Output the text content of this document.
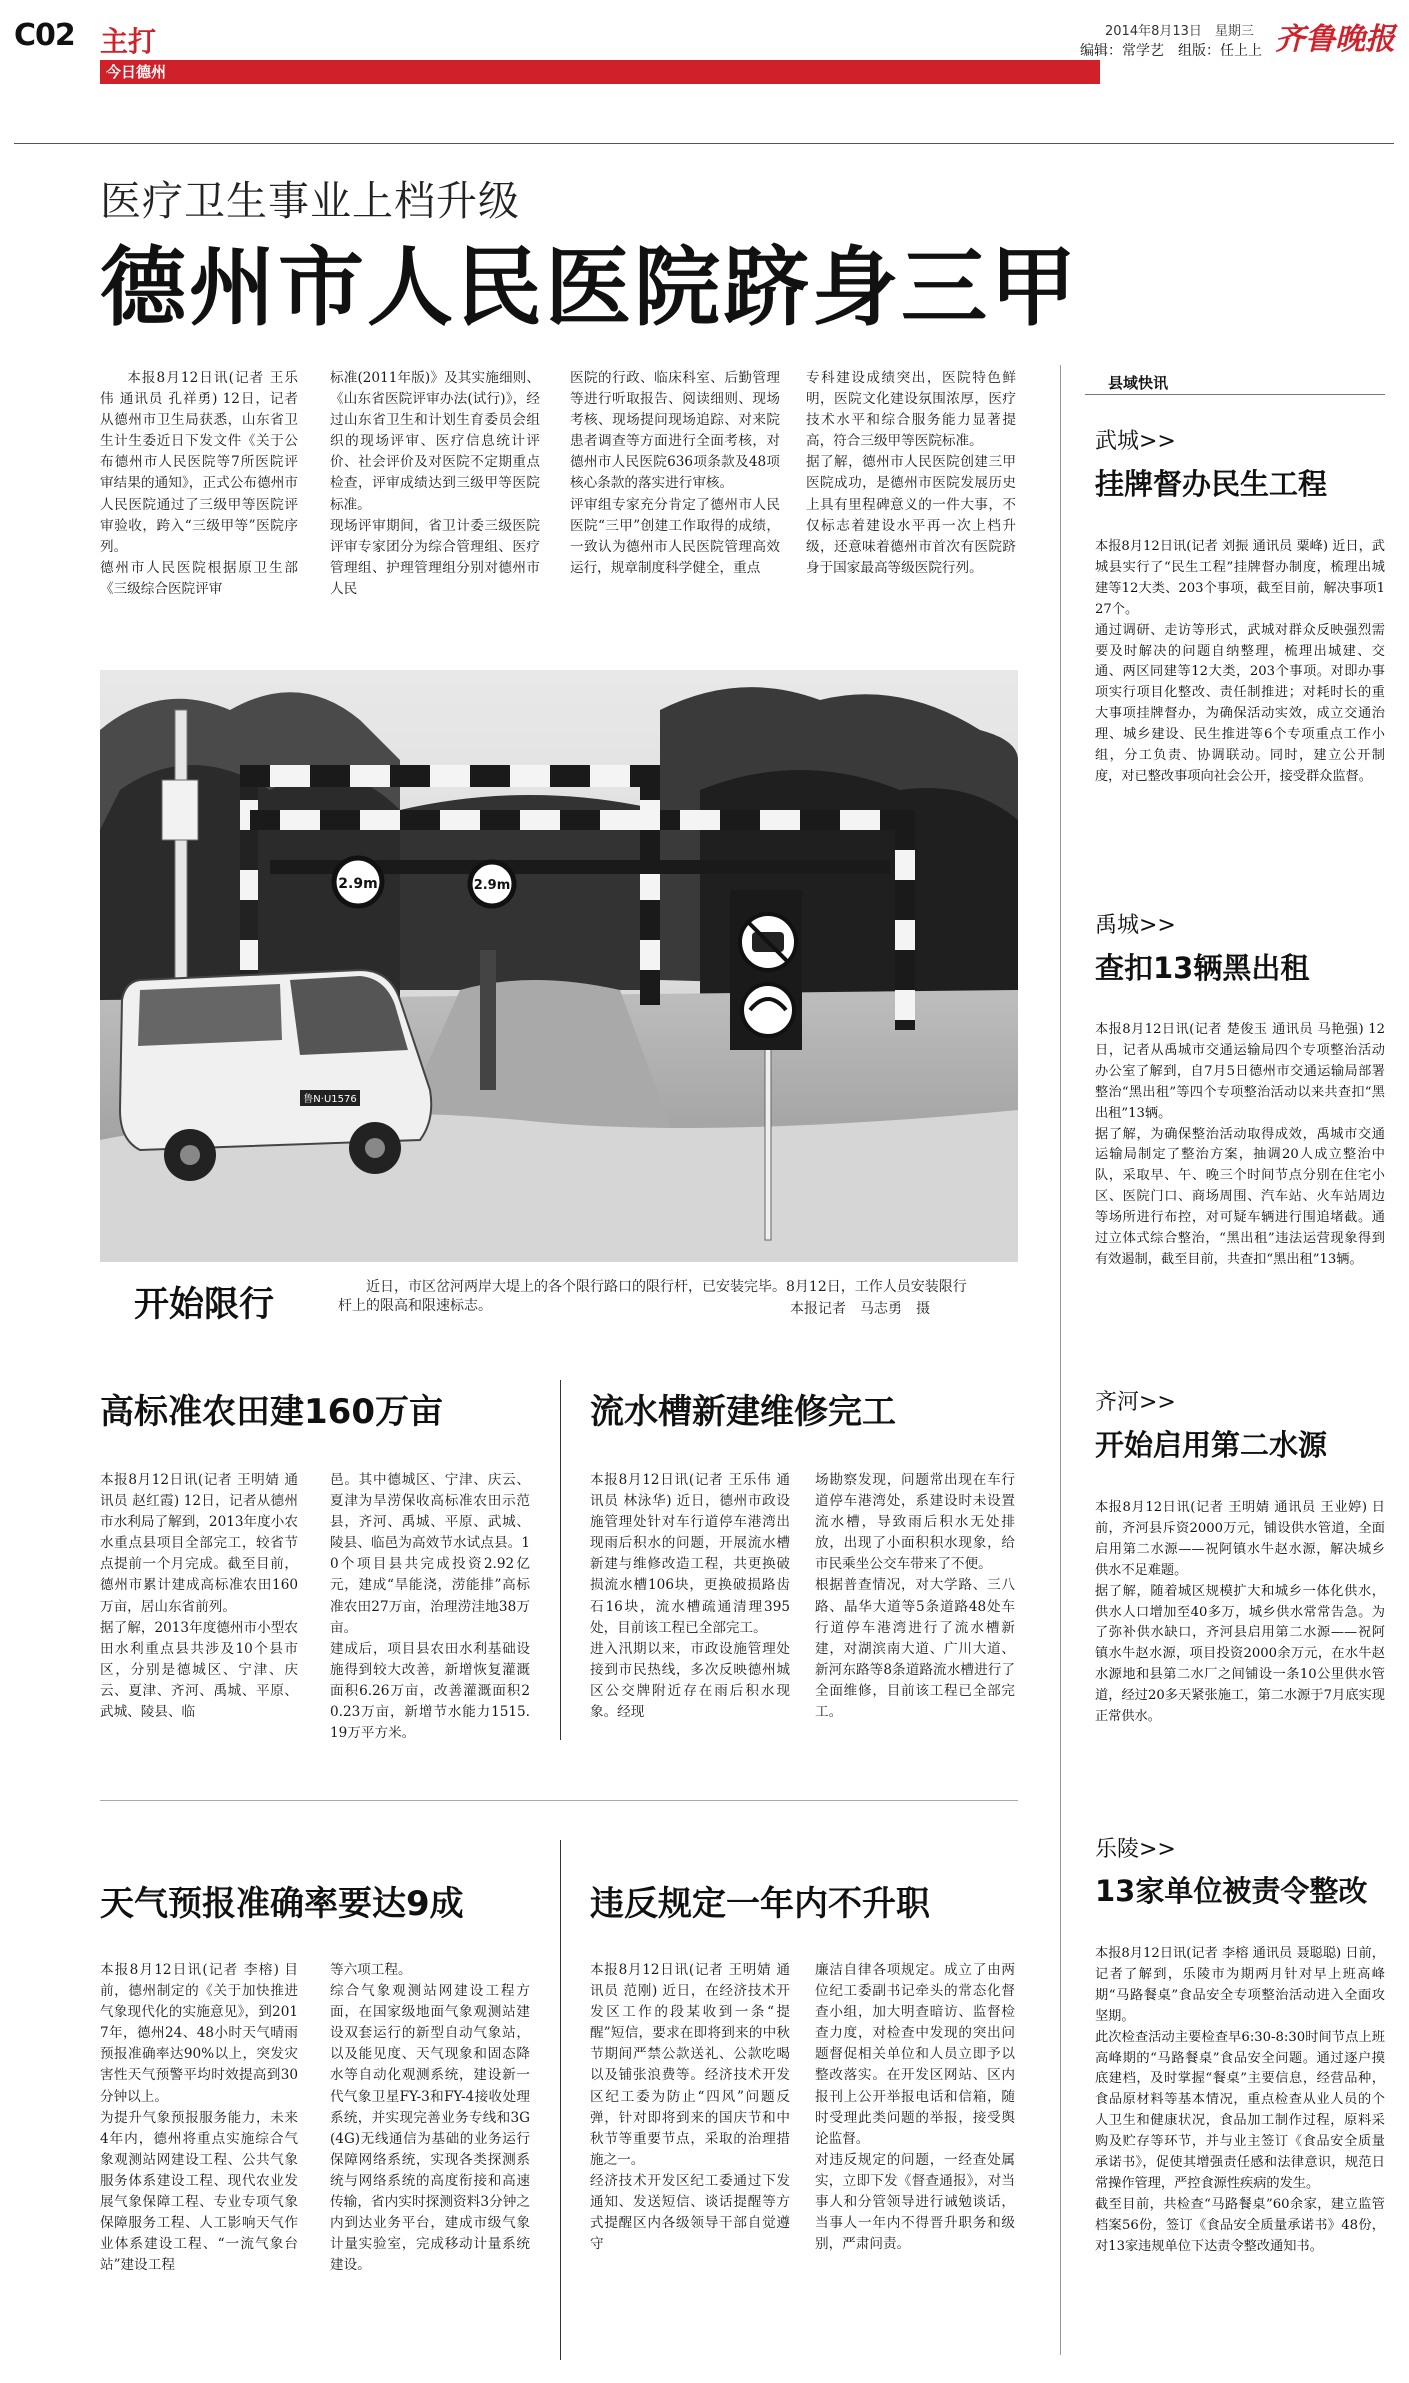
C02 主打
今日德州
2014年8月13日　星期三
编辑：常学艺　组版：任上上 齐鲁晚报
医疗卫生事业上档升级
德州市人民医院跻身三甲

本报8月12日讯(记者 王乐伟 通讯员 孔祥勇) 12日，记者从德州市卫生局获悉，山东省卫生计生委近日下发文件《关于公布德州市人民医院等7所医院评审结果的通知》，正式公布德州市人民医院通过了三级甲等医院评审验收，跨入“三级甲等”医院序列。
德州市人民医院根据原卫生部《三级综合医院评审

标准(2011年版)》及其实施细则、《山东省医院评审办法(试行)》，经过山东省卫生和计划生育委员会组织的现场评审、医疗信息统计评价、社会评价及对医院不定期重点检查，评审成绩达到三级甲等医院标准。
现场评审期间，省卫计委三级医院评审专家团分为综合管理组、医疗管理组、护理管理组分别对德州市人民

医院的行政、临床科室、后勤管理等进行听取报告、阅读细则、现场考核、现场提问现场追踪、对来院患者调查等方面进行全面考核，对德州市人民医院636项条款及48项核心条款的落实进行审核。
评审组专家充分肯定了德州市人民医院“三甲”创建工作取得的成绩，一致认为德州市人民医院管理高效运行，规章制度科学健全，重点

专科建设成绩突出，医院特色鲜明，医院文化建设氛围浓厚，医疗技术水平和综合服务能力显著提高，符合三级甲等医院标准。
据了解，德州市人民医院创建三甲医院成功，是德州市医院发展历史上具有里程碑意义的一件大事，不仅标志着建设水平再一次上档升级，还意味着德州市首次有医院跻身于国家最高等级医院行列。

2.9m	2.9m
鲁N·U1576
开始限行	近日，市区岔河两岸大堤上的各个限行路口的限行杆，已安装完毕。8月12日，工作人员安装限行杆上的限高和限速标志。	本报记者　马志勇　摄
高标准农田建160万亩

本报8月12日讯(记者 王明婧 通讯员 赵红霞) 12日，记者从德州市水利局了解到，2013年度小农水重点县项目全部完工，较省节点提前一个月完成。截至目前，德州市累计建成高标准农田160万亩，居山东省前列。
据了解，2013年度德州市小型农田水利重点县共涉及10个县市区，分别是德城区、宁津、庆云、夏津、齐河、禹城、平原、武城、陵县、临

邑。其中德城区、宁津、庆云、夏津为旱涝保收高标准农田示范县，齐河、禹城、平原、武城、陵县、临邑为高效节水试点县。10个项目县共完成投资2.92亿元，建成“旱能浇，涝能排”高标准农田27万亩，治理涝洼地38万亩。
建成后，项目县农田水利基础设施得到较大改善，新增恢复灌溉面积6.26万亩，改善灌溉面积20.23万亩，新增节水能力1515.19万平方米。

流水槽新建维修完工

本报8月12日讯(记者 王乐伟 通讯员 林泳华) 近日，德州市政设施管理处针对车行道停车港湾出现雨后积水的问题，开展流水槽新建与维修改造工程，共更换破损流水槽106块，更换破损路齿石16块，流水槽疏通清理395处，目前该工程已全部完工。
进入汛期以来，市政设施管理处接到市民热线，多次反映德州城区公交牌附近存在雨后积水现象。经现

场勘察发现，问题常出现在车行道停车港湾处，系建设时未设置流水槽，导致雨后积水无处排放，出现了小面积积水现象，给市民乘坐公交车带来了不便。
根据普查情况，对大学路、三八路、晶华大道等5条道路48处车行道停车港湾进行了流水槽新建，对湖滨南大道、广川大道、新河东路等8条道路流水槽进行了全面维修，目前该工程已全部完工。

天气预报准确率要达9成

本报8月12日讯(记者 李榕) 目前，德州制定的《关于加快推进气象现代化的实施意见》，到2017年，德州24、48小时天气晴雨预报准确率达90%以上，突发灾害性天气预警平均时效提高到30分钟以上。
为提升气象预报服务能力，未来4年内，德州将重点实施综合气象观测站网建设工程、公共气象服务体系建设工程、现代农业发展气象保障工程、专业专项气象保障服务工程、人工影响天气作业体系建设工程、“一流气象台站”建设工程

等六项工程。
综合气象观测站网建设工程方面，在国家级地面气象观测站建设双套运行的新型自动气象站，以及能见度、天气现象和固态降水等自动化观测系统，建设新一代气象卫星FY-3和FY-4接收处理系统，并实现完善业务专线和3G(4G)无线通信为基础的业务运行保障网络系统，实现各类探测系统与网络系统的高度衔接和高速传输，省内实时探测资料3分钟之内到达业务平台，建成市级气象计量实验室，完成移动计量系统建设。

违反规定一年内不升职

本报8月12日讯(记者 王明婧 通讯员 范刚) 近日，在经济技术开发区工作的段某收到一条“提醒”短信，要求在即将到来的中秋节期间严禁公款送礼、公款吃喝以及铺张浪费等。经济技术开发区纪工委为防止“四风”问题反弹，针对即将到来的国庆节和中秋节等重要节点，采取的治理措施之一。
经济技术开发区纪工委通过下发通知、发送短信、谈话提醒等方式提醒区内各级领导干部自觉遵守

廉洁自律各项规定。成立了由两位纪工委副书记牵头的常态化督查小组，加大明查暗访、监督检查力度，对检查中发现的突出问题督促相关单位和人员立即予以整改落实。在开发区网站、区内报刊上公开举报电话和信箱，随时受理此类问题的举报，接受舆论监督。
对违反规定的问题，一经查处属实，立即下发《督查通报》，对当事人和分管领导进行诫勉谈话，当事人一年内不得晋升职务和级别，严肃问责。

县域快讯
武城>>
挂牌督办民生工程

本报8月12日讯(记者 刘振 通讯员 粟峰) 近日，武城县实行了“民生工程”挂牌督办制度，梳理出城建等12大类、203个事项，截至目前，解决事项127个。
通过调研、走访等形式，武城对群众反映强烈需要及时解决的问题自纳整理，梳理出城建、交通、两区同建等12大类，203个事项。对即办事项实行项目化整改、责任制推进；对耗时长的重大事项挂牌督办，为确保活动实效，成立交通治理、城乡建设、民生推进等6个专项重点工作小组，分工负责、协调联动。同时，建立公开制度，对已整改事项向社会公开，接受群众监督。

禹城>>
查扣13辆黑出租

本报8月12日讯(记者 楚俊玉 通讯员 马艳强) 12日，记者从禹城市交通运输局四个专项整治活动办公室了解到，自7月5日德州市交通运输局部署整治“黑出租”等四个专项整治活动以来共查扣“黑出租”13辆。
据了解，为确保整治活动取得成效，禹城市交通运输局制定了整治方案，抽调20人成立整治中队，采取早、午、晚三个时间节点分别在住宅小区、医院门口、商场周围、汽车站、火车站周边等场所进行布控，对可疑车辆进行围追堵截。通过立体式综合整治，“黑出租”违法运营现象得到有效遏制，截至目前，共查扣“黑出租”13辆。

齐河>>
开始启用第二水源

本报8月12日讯(记者 王明婧 通讯员 王业婷) 日前，齐河县斥资2000万元，铺设供水管道，全面启用第二水源——祝阿镇水牛赵水源，解决城乡供水不足难题。
据了解，随着城区规模扩大和城乡一体化供水，供水人口增加至40多万，城乡供水常常告急。为了弥补供水缺口，齐河县启用第二水源——祝阿镇水牛赵水源，项目投资2000余万元，在水牛赵水源地和县第二水厂之间铺设一条10公里供水管道，经过20多天紧张施工，第二水源于7月底实现正常供水。

乐陵>>
13家单位被责令整改

本报8月12日讯(记者 李榕 通讯员 聂聪聪) 日前，记者了解到，乐陵市为期两月针对早上班高峰期“马路餐桌”食品安全专项整治活动进入全面攻坚期。
此次检查活动主要检查早6:30-8:30时间节点上班高峰期的“马路餐桌”食品安全问题。通过逐户摸底建档，及时掌握“餐桌”主要信息，经营品种，食品原材料等基本情况，重点检查从业人员的个人卫生和健康状况，食品加工制作过程，原料采购及贮存等环节，并与业主签订《食品安全质量承诺书》，促使其增强责任感和法律意识，规范日常操作管理，严控食源性疾病的发生。
截至目前，共检查“马路餐桌”60余家，建立监管档案56份，签订《食品安全质量承诺书》48份，对13家违规单位下达责令整改通知书。
